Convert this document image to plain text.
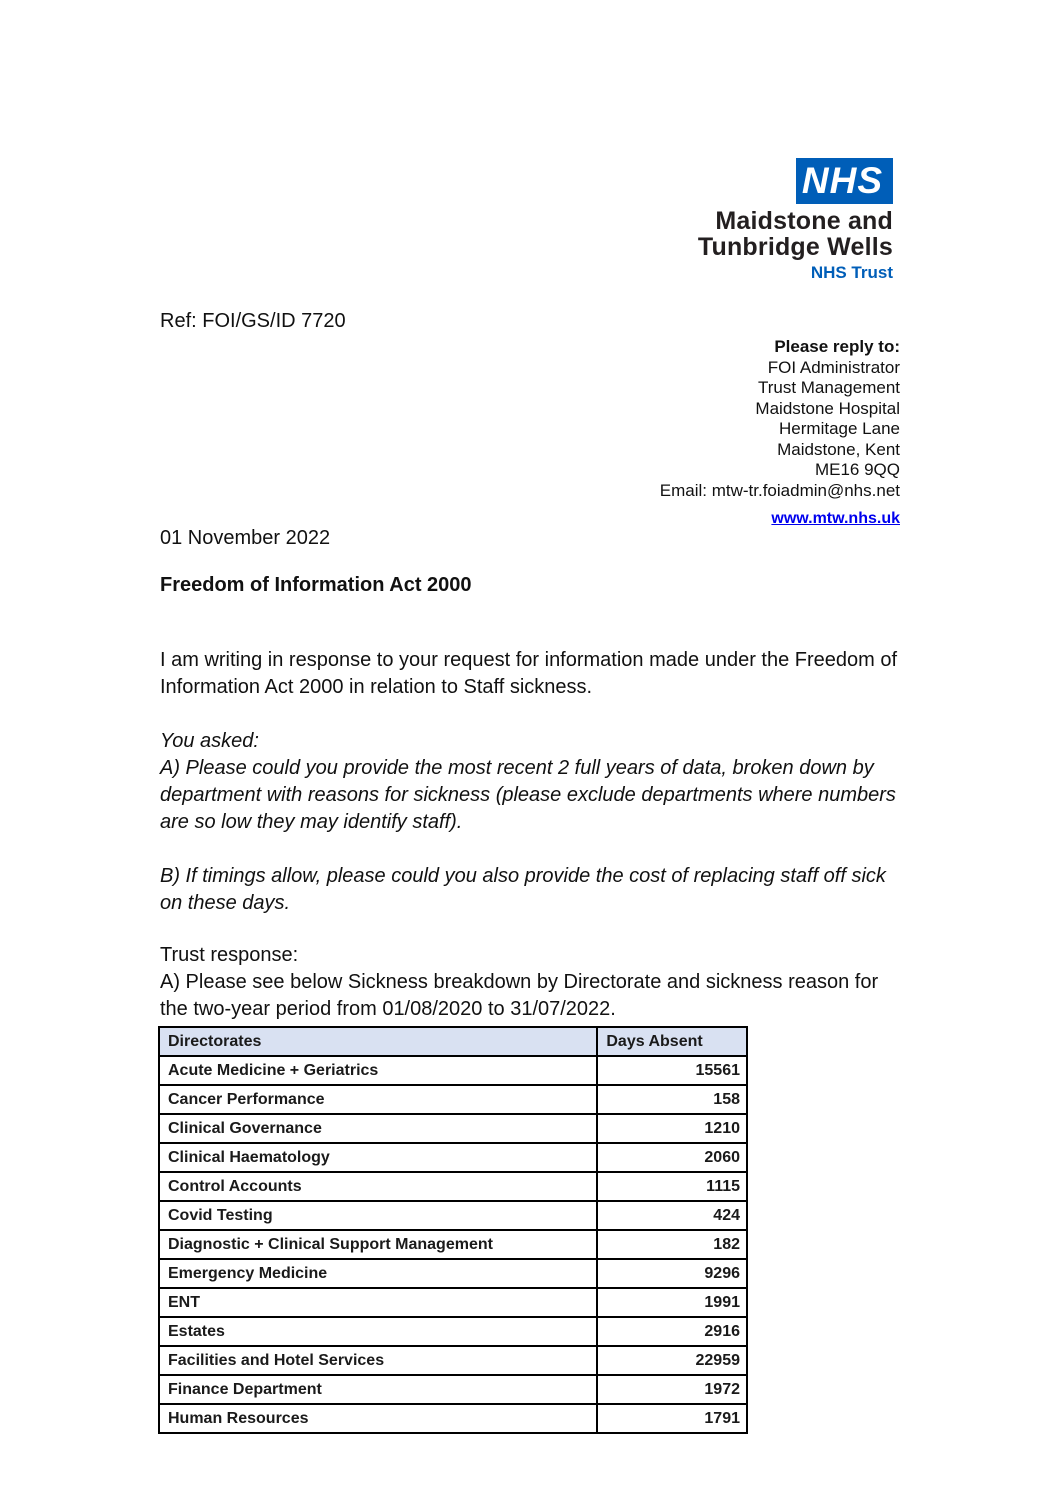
NHS
Maidstone and
Tunbridge Wells
NHS Trust
Ref: FOI/GS/ID 7720
Please reply to:
FOI Administrator
Trust Management
Maidstone Hospital
Hermitage Lane
Maidstone, Kent
ME16 9QQ
Email: mtw-tr.foiadmin@nhs.net
www.mtw.nhs.uk
01 November 2022
Freedom of Information Act 2000
I am writing in response to your request for information made under the Freedom of Information Act 2000 in relation to Staff sickness.
You asked:
A) Please could you provide the most recent 2 full years of data, broken down by department with reasons for sickness (please exclude departments where numbers are so low they may identify staff).
B) If timings allow, please could you also provide the cost of replacing staff off sick on these days.
Trust response:
A) Please see below Sickness breakdown by Directorate and sickness reason for the two-year period from 01/08/2020 to 31/07/2022.
Directorates	Days Absent
Acute Medicine + Geriatrics	15561
Cancer Performance	158
Clinical Governance	1210
Clinical Haematology	2060
Control Accounts	1115
Covid Testing	424
Diagnostic + Clinical Support Management	182
Emergency Medicine	9296
ENT	1991
Estates	2916
Facilities and Hotel Services	22959
Finance Department	1972
Human Resources	1791
